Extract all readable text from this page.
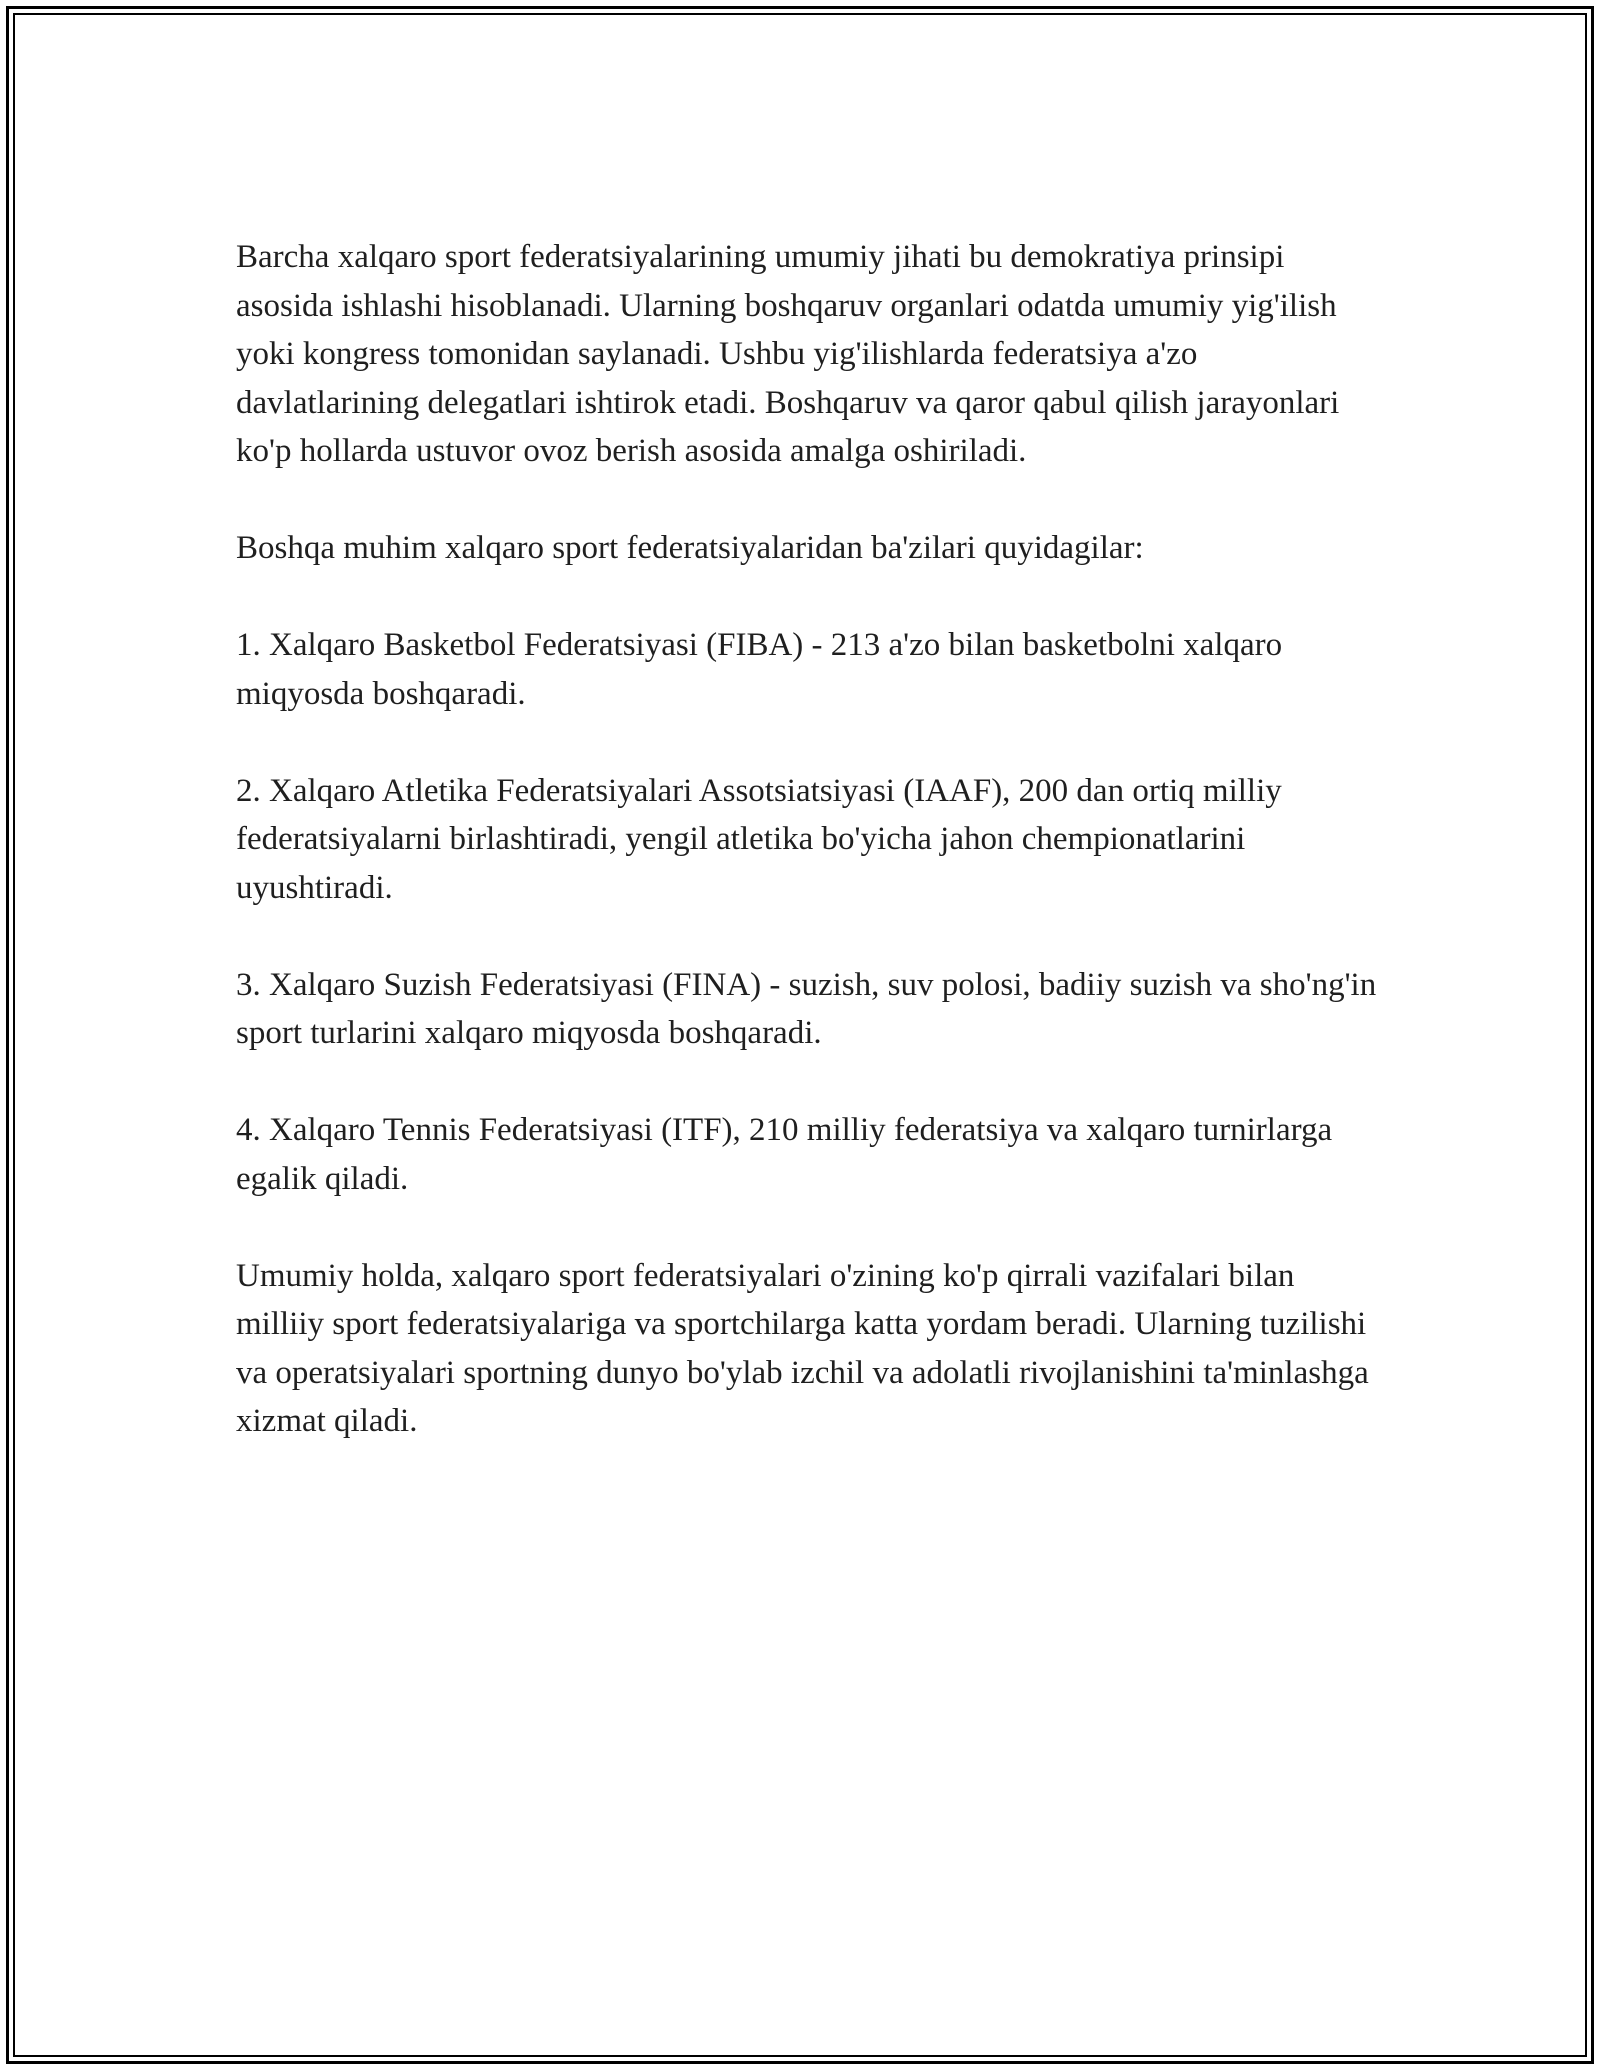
Barcha xalqaro sport federatsiyalarining umumiy jihati bu demokratiya prinsipi asosida ishlashi hisoblanadi. Ularning boshqaruv organlari odatda umumiy yig'ilish yoki kongress tomonidan saylanadi. Ushbu yig'ilishlarda federatsiya a'zo davlatlarining delegatlari ishtirok etadi. Boshqaruv va qaror qabul qilish jarayonlari ko'p hollarda ustuvor ovoz berish asosida amalga oshiriladi.

Boshqa muhim xalqaro sport federatsiyalaridan ba'zilari quyidagilar:

1. Xalqaro Basketbol Federatsiyasi (FIBA) - 213 a'zo bilan basketbolni xalqaro miqyosda boshqaradi.

2. Xalqaro Atletika Federatsiyalari Assotsiatsiyasi (IAAF), 200 dan ortiq milliy federatsiyalarni birlashtiradi, yengil atletika bo'yicha jahon chempionatlarini uyushtiradi.

3. Xalqaro Suzish Federatsiyasi (FINA) - suzish, suv polosi, badiiy suzish va sho'ng'in sport turlarini xalqaro miqyosda boshqaradi.

4. Xalqaro Tennis Federatsiyasi (ITF), 210 milliy federatsiya va xalqaro turnirlarga egalik qiladi.

Umumiy holda, xalqaro sport federatsiyalari o'zining ko'p qirrali vazifalari bilan milliiy sport federatsiyalariga va sportchilarga katta yordam beradi. Ularning tuzilishi va operatsiyalari sportning dunyo bo'ylab izchil va adolatli rivojlanishini ta'minlashga xizmat qiladi.
